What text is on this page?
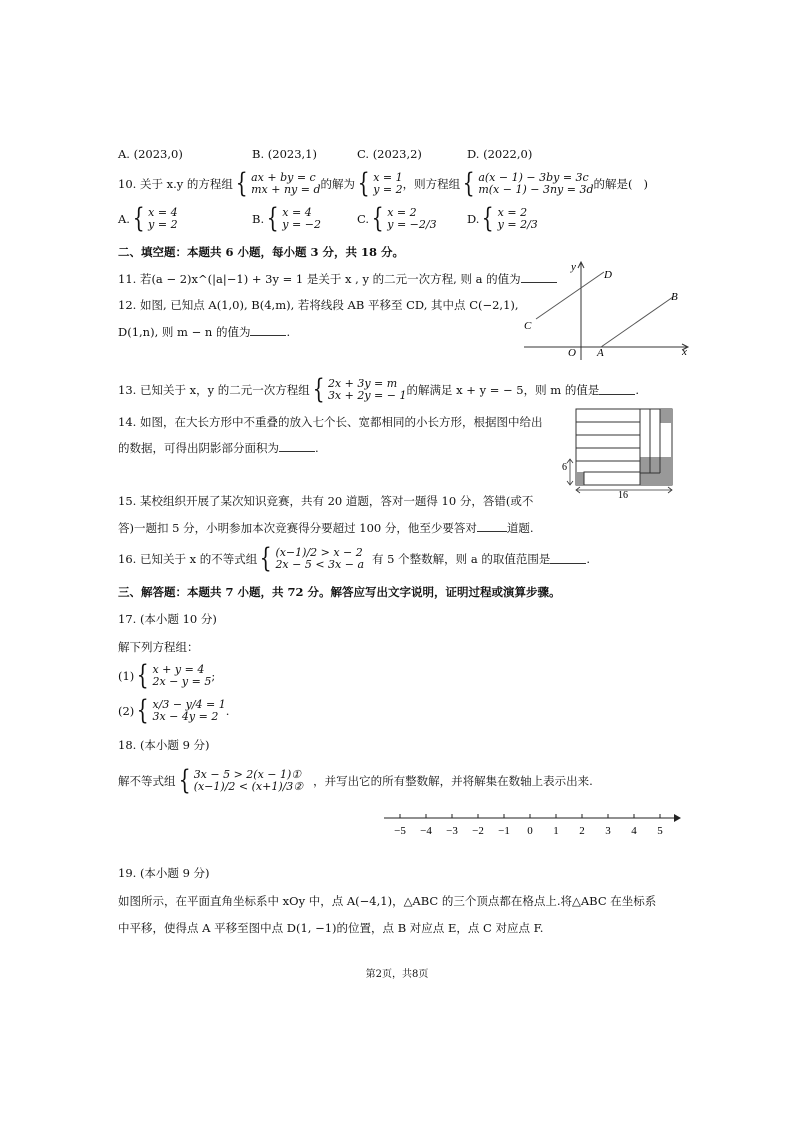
A. (2023,0)	B. (2023,1)	C. (2023,2)	D. (2022,0)
10. 关于 x.y 的方程组 { ax + by = c
mx + ny = d 的解为 { x = 1
y = 2 ，则方程组 { a(x − 1) − 3by = 3c
m(x − 1) − 3ny = 3d 的解是(   )
A. { x = 4
y = 2	B. { x = 4
y = −2	C. { x = 2
y = −2/3	D. { x = 2
y = 2/3
二、填空题：本题共 6 小题，每小题 3 分，共 18 分。
11. 若(a − 2)x^(|a|−1) + 3y = 1 是关于 x , y 的二元一次方程, 则 a 的值为
12. 如图, 已知点 A(1,0), B(4,m), 若将线段 AB 平移至 CD, 其中点 C(−2,1),
D(1,n), 则 m − n 的值为	.
y
x
O A
B
C
D
13. 已知关于 x，y 的二元一次方程组 { 2x + 3y = m
3x + 2y = − 1 的解满足 x + y = − 5，则 m 的值是	.
14. 如图，在大长方形中不重叠的放入七个长、宽都相同的小长方形，根据图中给出
的数据，可得出阴影部分面积为	.
6
16
15. 某校组织开展了某次知识竞赛，共有 20 道题，答对一题得 10 分，答错(或不
答)一题扣 5 分，小明参加本次竞赛得分要超过 100 分，他至少要答对	道题.
16. 已知关于 x 的不等式组 { (x−1)/2 > x − 2
2x − 5 < 3x − a 有 5 个整数解，则 a 的取值范围是	.
三、解答题：本题共 7 小题，共 72 分。解答应写出文字说明，证明过程或演算步骤。
17. (本小题 10 分)
解下列方程组：
(1) { x + y = 4
2x − y = 5 ;
(2) { x/3 − y/4 = 1
3x − 4y = 2 .
18. (本小题 9 分)
解不等式组 { 3x − 5 > 2(x − 1)①
(x−1)/2 < (x+1)/3② ，并写出它的所有整数解，并将解集在数轴上表示出来.
−5 −4 −3 −2 −1 0 1 2 3 4 5
19. (本小题 9 分)
如图所示，在平面直角坐标系中 xOy 中，点 A(−4,1)，△ABC 的三个顶点都在格点上.将△ABC 在坐标系
中平移，使得点 A 平移至图中点 D(1, −1)的位置，点 B 对应点 E，点 C 对应点 F.
第2页，共8页
